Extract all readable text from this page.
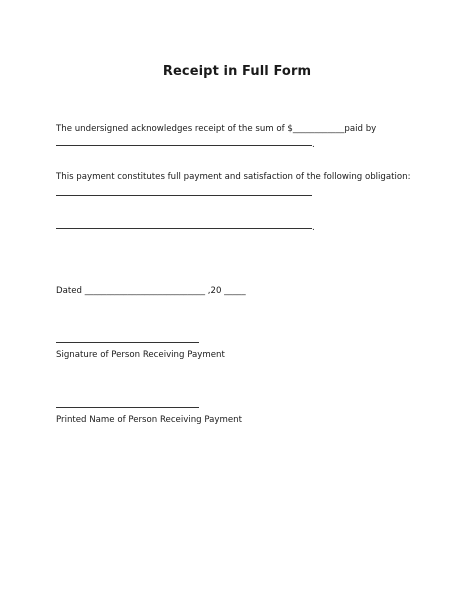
Receipt in Full Form
The undersigned acknowledges receipt of the sum of $____________paid by
.
This payment constitutes full payment and satisfaction of the following obligation:
.
Dated ____________________________ ,20 _____
Signature of Person Receiving Payment
Printed Name of Person Receiving Payment
